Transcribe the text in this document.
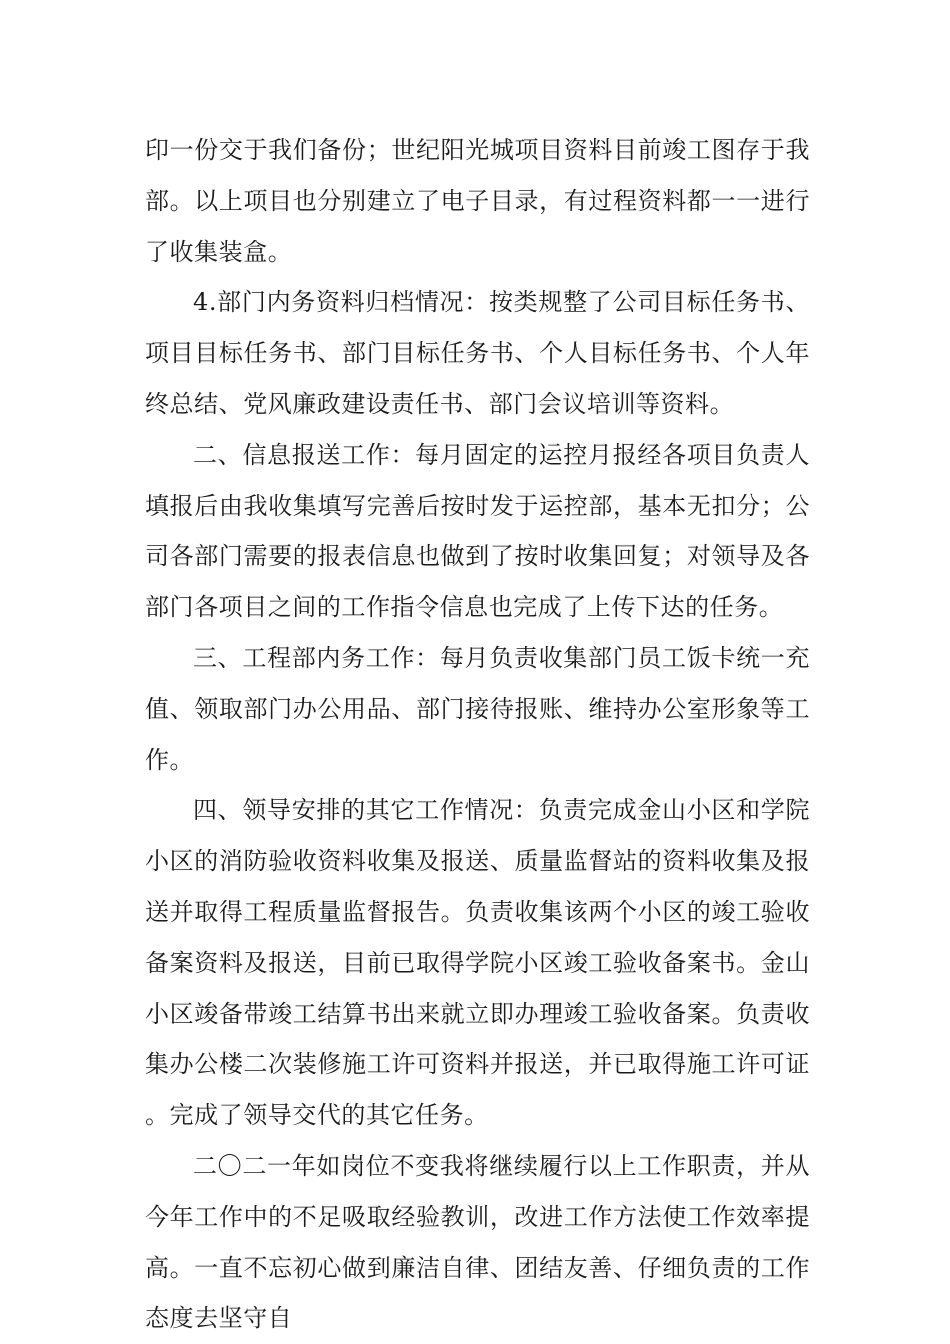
印一份交于我们备份；世纪阳光城项目资料目前竣工图存于我部。以上项目也分别建立了电子目录，有过程资料都一一进行了收集装盒。

4.部门内务资料归档情况：按类规整了公司目标任务书、项目目标任务书、部门目标任务书、个人目标任务书、个人年终总结、党风廉政建设责任书、部门会议培训等资料。

二、信息报送工作：每月固定的运控月报经各项目负责人填报后由我收集填写完善后按时发于运控部，基本无扣分；公司各部门需要的报表信息也做到了按时收集回复；对领导及各部门各项目之间的工作指令信息也完成了上传下达的任务。

三、工程部内务工作：每月负责收集部门员工饭卡统一充值、领取部门办公用品、部门接待报账、维持办公室形象等工作。

四、领导安排的其它工作情况：负责完成金山小区和学院小区的消防验收资料收集及报送、质量监督站的资料收集及报送并取得工程质量监督报告。负责收集该两个小区的竣工验收备案资料及报送，目前已取得学院小区竣工验收备案书。金山小区竣备带竣工结算书出来就立即办理竣工验收备案。负责收集办公楼二次装修施工许可资料并报送，并已取得施工许可证。完成了领导交代的其它任务。

二〇二一年如岗位不变我将继续履行以上工作职责，并从今年工作中的不足吸取经验教训，改进工作方法使工作效率提高。一直不忘初心做到廉洁自律、团结友善、仔细负责的工作态度去坚守自
